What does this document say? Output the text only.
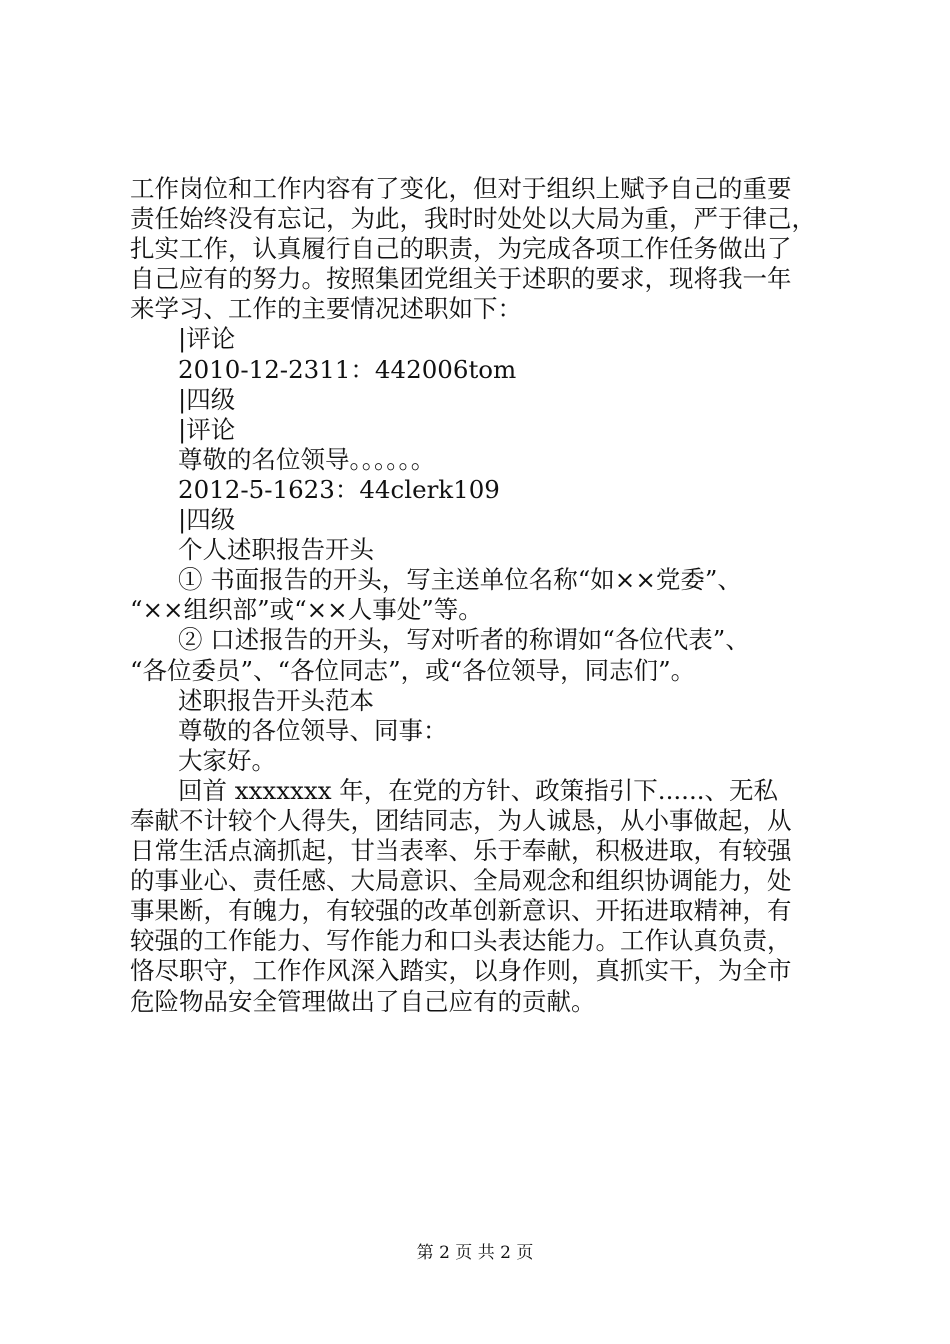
工作岗位和工作内容有了变化，但对于组织上赋予自己的重要
责任始终没有忘记，为此，我时时处处以大局为重，严于律己，
扎实工作，认真履行自己的职责，为完成各项工作任务做出了
自己应有的努力。按照集团党组关于述职的要求，现将我一年
来学习、工作的主要情况述职如下：
|评论
2010-12-2311：442006tom
|四级
|评论
尊敬的名位领导。。。。。。
2012-5-1623：44clerk109
|四级
个人述职报告开头
① 书面报告的开头，写主送单位名称“如××党委”、
“××组织部”或“××人事处”等。
② 口述报告的开头，写对听者的称谓如“各位代表”、
“各位委员”、“各位同志”，或“各位领导，同志们”。
述职报告开头范本
尊敬的各位领导、同事：
大家好。
回首 xxxxxxx 年，在党的方针、政策指引下......、无私
奉献不计较个人得失，团结同志，为人诚恳，从小事做起，从
日常生活点滴抓起，甘当表率、乐于奉献，积极进取，有较强
的事业心、责任感、大局意识、全局观念和组织协调能力，处
事果断，有魄力，有较强的改革创新意识、开拓进取精神，有
较强的工作能力、写作能力和口头表达能力。工作认真负责，
恪尽职守，工作作风深入踏实，以身作则，真抓实干，为全市
危险物品安全管理做出了自己应有的贡献。
第 2 页 共 2 页
